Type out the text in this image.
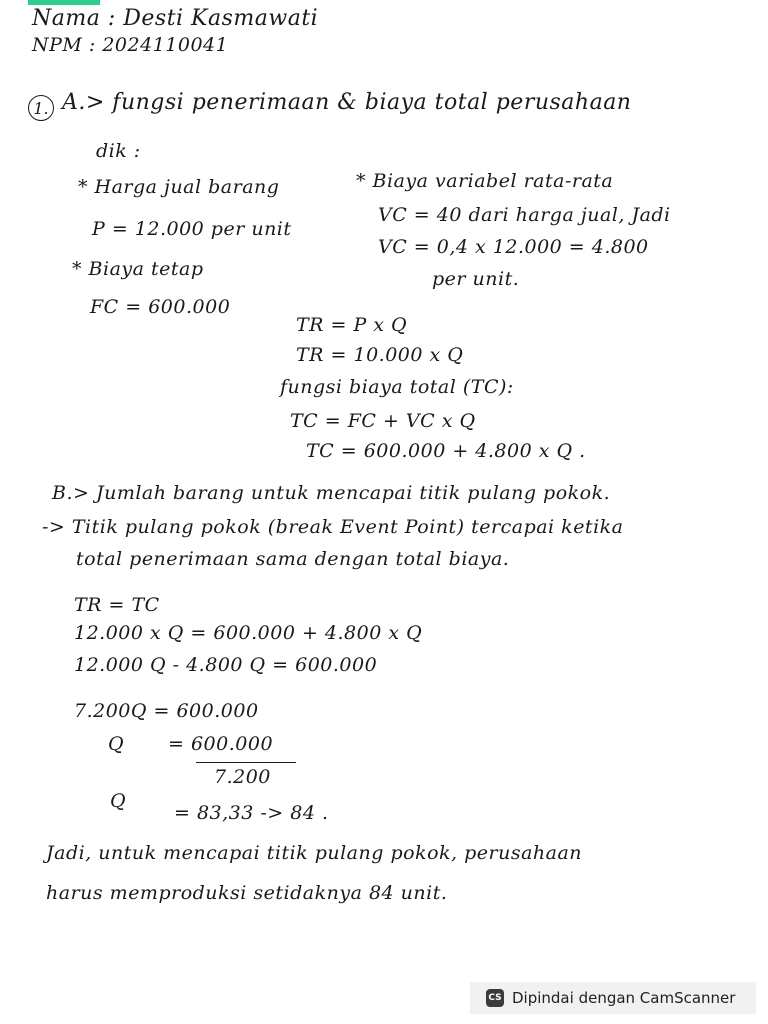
Nama : Desti Kasmawati
NPM : 2024110041
1. A.> fungsi penerimaan & biaya total perusahaan
dik :
* Harga jual barang
P = 12.000 per unit
* Biaya tetap
FC = 600.000
* Biaya variabel rata-rata
VC = 40 dari harga jual, Jadi
VC = 0,4 x 12.000 = 4.800
per unit.
TR = P x Q
TR = 10.000 x Q
fungsi biaya total (TC):
TC = FC + VC x Q
TC = 600.000 + 4.800 x Q .
B.> Jumlah barang untuk mencapai titik pulang pokok.
-> Titik pulang pokok (break Event Point) tercapai ketika
total penerimaan sama dengan total biaya.
TR = TC
12.000 x Q = 600.000 + 4.800 x Q
12.000 Q - 4.800 Q = 600.000
7.200Q = 600.000
Q = 600.000
7.200
Q
= 83,33 -> 84 .
Jadi, untuk mencapai titik pulang pokok, perusahaan
harus memproduksi setidaknya 84 unit.
CS Dipindai dengan CamScanner
